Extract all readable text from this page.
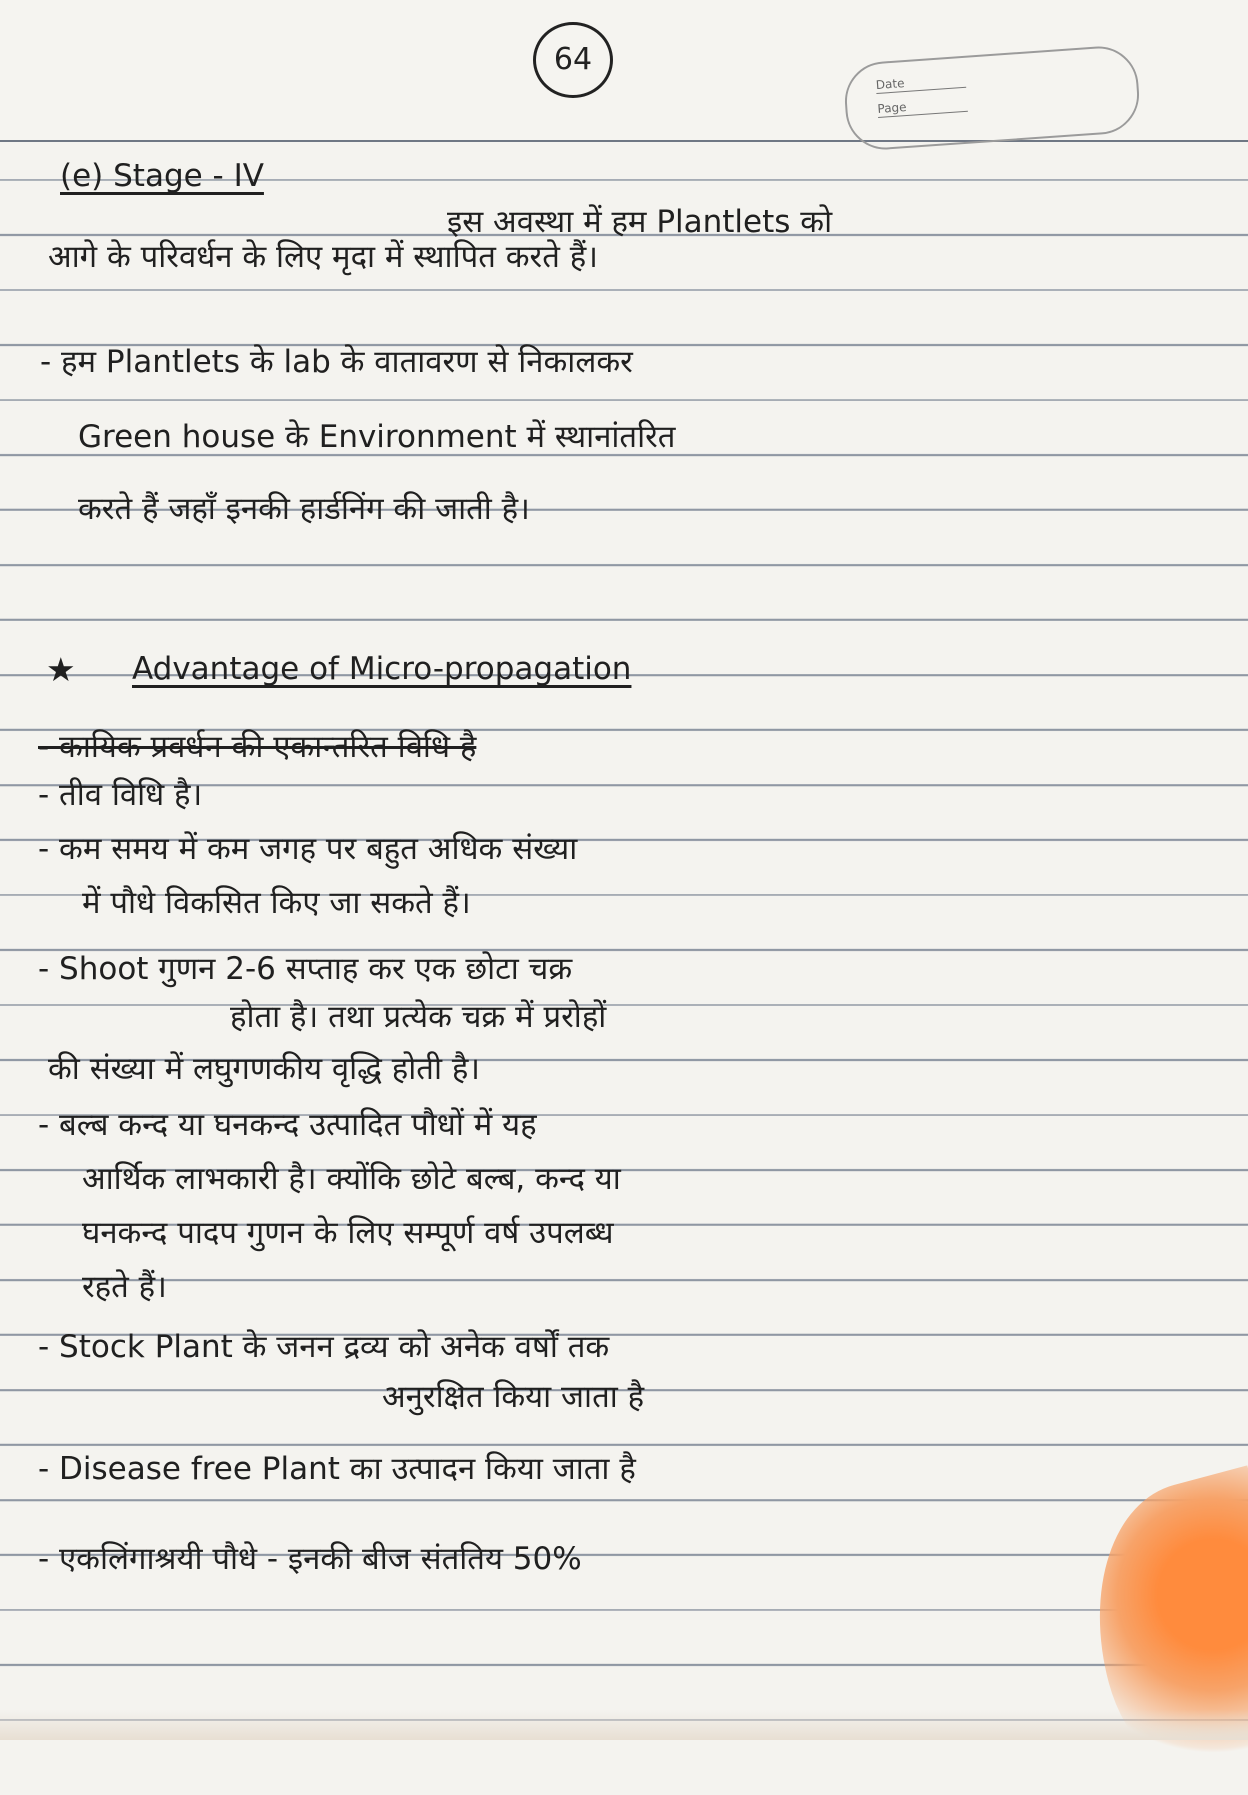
64
Date
Page
(e) Stage - IV
इस अवस्था में हम Plantlets को
आगे के परिवर्धन के लिए मृदा में स्थापित करते हैं।
- हम Plantlets के lab के वातावरण से निकालकर
Green house के Environment में स्थानांतरित
करते हैं जहाँ इनकी हार्डनिंग की जाती है।
★ Advantage of Micro-propagation
- कायिक प्रवर्धन की एकान्तरित विधि है
- तीव विधि है।
- कम समय में कम जगह पर बहुत अधिक संख्या
में पौधे विकसित किए जा सकते हैं।
- Shoot गुणन 2-6 सप्ताह कर एक छोटा चक्र
होता है। तथा प्रत्येक चक्र में प्ररोहों
की संख्या में लघुगणकीय वृद्धि होती है।
- बल्ब कन्द या घनकन्द उत्पादित पौधों में यह
आर्थिक लाभकारी है। क्योंकि छोटे बल्ब, कन्द या
घनकन्द पादप गुणन के लिए सम्पूर्ण वर्ष उपलब्ध
रहते हैं।
- Stock Plant के जनन द्रव्य को अनेक वर्षों तक
अनुरक्षित किया जाता है
- Disease free Plant का उत्पादन किया जाता है
- एकलिंगाश्रयी पौधे - इनकी बीज संततिय 50%
